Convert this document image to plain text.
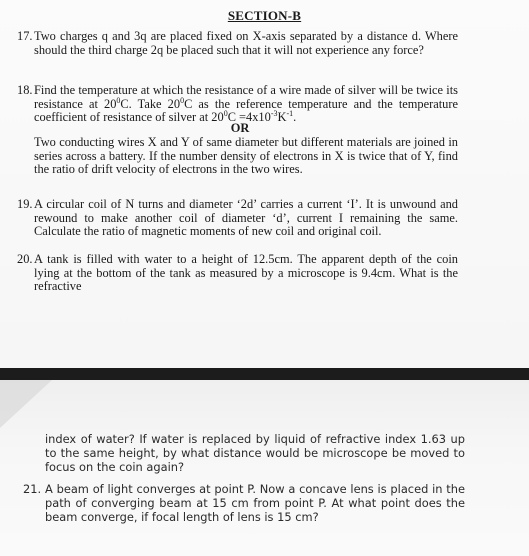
SECTION-B
17. Two charges q and 3q are placed fixed on X-axis separated by a distance d. Where should the third charge 2q be placed such that it will not experience any force?
18. Find the temperature at which the resistance of a wire made of silver will be twice its resistance at $20^0C$. Take $20^0C$ as the reference temperature and the temperature coefficient of resistance of silver at $20^0C =4x10^{-3}K^{-1}$.
OR
Two conducting wires X and Y of same diameter but different materials are joined in series across a battery. If the number density of electrons in X is twice that of Y, find the ratio of drift velocity of electrons in the two wires.
19. A circular coil of N turns and diameter ‘2d’ carries a current ‘I’. It is unwound and rewound to make another coil of diameter ‘d’, current I remaining the same. Calculate the ratio of magnetic moments of new coil and original coil.
20. A tank is filled with water to a height of 12.5cm. The apparent depth of the coin lying at the bottom of the tank as measured by a microscope is 9.4cm. What is the refractive
index of water? If water is replaced by liquid of refractive index 1.63 up to the same height, by what distance would be microscope be moved to focus on the coin again?
21. A beam of light converges at point P. Now a concave lens is placed in the path of converging beam at 15 cm from point P. At what point does the beam converge, if focal length of lens is 15 cm?
